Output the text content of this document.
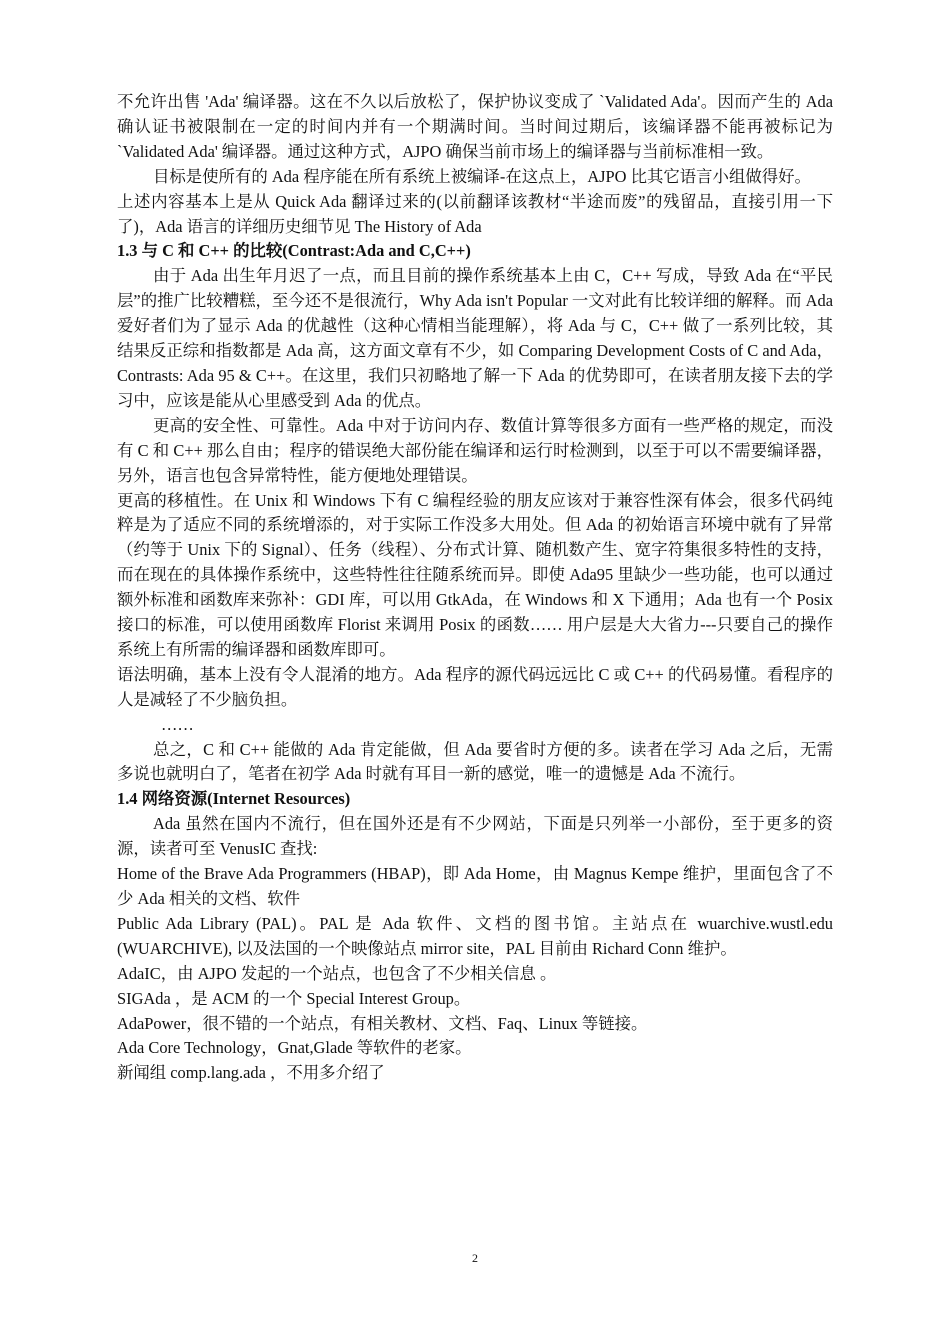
不允许出售 'Ada' 编译器。这在不久以后放松了，保护协议变成了 `Validated Ada'。因而产生的 Ada 确认证书被限制在一定的时间内并有一个期满时间。当时间过期后，该编译器不能再被标记为`Validated Ada' 编译器。通过这种方式，AJPO 确保当前市场上的编译器与当前标准相一致。

目标是使所有的 Ada 程序能在所有系统上被编译-在这点上，AJPO 比其它语言小组做得好。

上述内容基本上是从 Quick Ada 翻译过来的(以前翻译该教材“半途而废”的残留品，直接引用一下了)，Ada 语言的详细历史细节见 The History of Ada

1.3 与 C 和 C++ 的比较(Contrast:Ada and C,C++)

由于 Ada 出生年月迟了一点，而且目前的操作系统基本上由 C，C++ 写成，导致 Ada 在“平民层”的推广比较糟糕，至今还不是很流行，Why Ada isn't Popular 一文对此有比较详细的解释。而 Ada 爱好者们为了显示 Ada 的优越性（这种心情相当能理解），将 Ada 与 C，C++ 做了一系列比较，其结果反正综和指数都是 Ada 高，这方面文章有不少，如 Comparing Development Costs of C and Ada，Contrasts: Ada 95 & C++。在这里，我们只初略地了解一下 Ada 的优势即可，在读者朋友接下去的学习中，应该是能从心里感受到 Ada 的优点。

更高的安全性、可靠性。Ada 中对于访问内存、数值计算等很多方面有一些严格的规定，而没有 C 和 C++ 那么自由；程序的错误绝大部份能在编译和运行时检测到，以至于可以不需要编译器，另外，语言也包含异常特性，能方便地处理错误。

更高的移植性。在 Unix 和 Windows 下有 C 编程经验的朋友应该对于兼容性深有体会，很多代码纯粹是为了适应不同的系统增添的，对于实际工作没多大用处。但 Ada 的初始语言环境中就有了异常（约等于 Unix 下的 Signal）、任务（线程）、分布式计算、随机数产生、宽字符集很多特性的支持，而在现在的具体操作系统中，这些特性往往随系统而异。即使 Ada95 里缺少一些功能，也可以通过额外标准和函数库来弥补：GDI 库，可以用 GtkAda，在 Windows 和 X 下通用；Ada 也有一个 Posix 接口的标准，可以使用函数库 Florist 来调用 Posix 的函数…… 用户层是大大省力---只要自己的操作系统上有所需的编译器和函数库即可。

语法明确，基本上没有令人混淆的地方。Ada 程序的源代码远远比 C 或 C++ 的代码易懂。看程序的人是减轻了不少脑负担。

……

总之，C 和 C++ 能做的 Ada 肯定能做，但 Ada 要省时方便的多。读者在学习 Ada 之后，无需多说也就明白了，笔者在初学 Ada 时就有耳目一新的感觉，唯一的遗憾是 Ada 不流行。

1.4 网络资源(Internet Resources)

Ada 虽然在国内不流行，但在国外还是有不少网站，下面是只列举一小部份，至于更多的资源，读者可至 VenusIC 查找:

Home of the Brave Ada Programmers (HBAP)，即 Ada Home，由 Magnus Kempe 维护，里面包含了不少 Ada 相关的文档、软件

Public Ada Library (PAL)。PAL 是 Ada 软件、文档的图书馆。主站点在 wuarchive.wustl.edu (WUARCHIVE), 以及法国的一个映像站点 mirror site，PAL 目前由 Richard Conn 维护。

AdaIC，由 AJPO 发起的一个站点，也包含了不少相关信息 。

SIGAda ，是 ACM 的一个 Special Interest Group。

AdaPower，很不错的一个站点，有相关教材、文档、Faq、Linux 等链接。

Ada Core Technology，Gnat,Glade 等软件的老家。

新闻组 comp.lang.ada ，不用多介绍了

2
